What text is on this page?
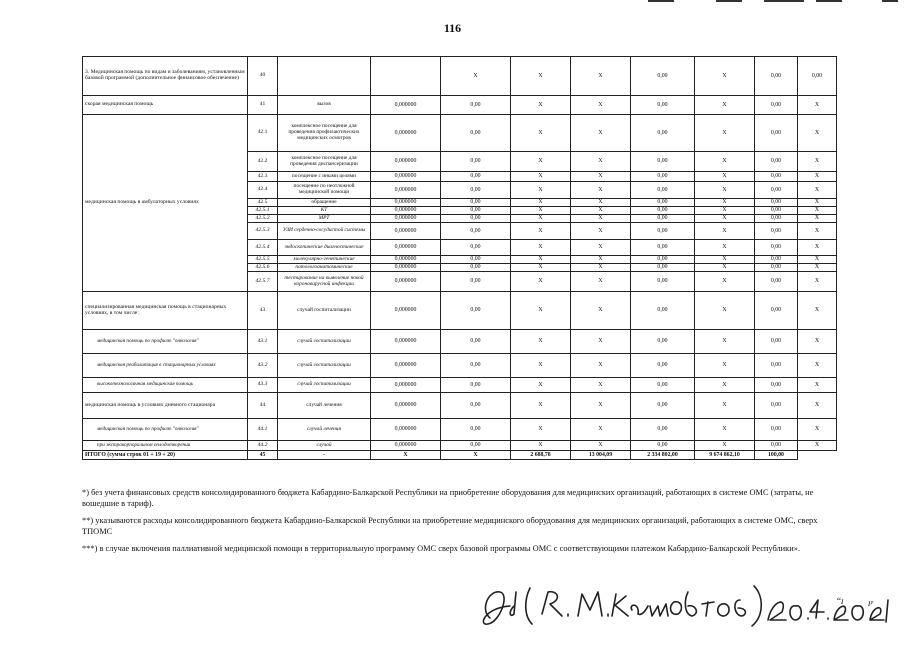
116
3. Медицинская помощь по видам и заболеваниям, установленным базовой программой (дополнительное финансовое обеспечение)	40			X	X	X	0,00	X	0,00	0,00
скорая медицинская помощь	41	вызов	0,000000	0,00	X	X	0,00	X	0,00	X
медицинская помощь в амбулаторных условиях	42.1	комплексное посещение для проведения профилактических медицинских осмотров	0,000000	0,00	X	X	0,00	X	0,00	X
	42.2	комплексное посещение для проведения диспансеризации	0,000000	0,00	X	X	0,00	X	0,00	X
	42.3	посещение с иными целями	0,000000	0,00	X	X	0,00	X	0,00	X
	42.4	посещение по неотложной медицинской помощи	0,000000	0,00	X	X	0,00	X	0,00	X
	42.5	обращение	0,000000	0,00	X	X	0,00	X	0,00	X
	42.5.1	КТ	0,000000	0,00	X	X	0,00	X	0,00	X
	42.5.2	МРТ	0,000000	0,00	X	X	0,00	X	0,00	X
	42.5.3	УЗИ сердечно-сосудистой системы	0,000000	0,00	X	X	0,00	X	0,00	X
	42.5.4	эндоскопические диагностические	0,000000	0,00	X	X	0,00	X	0,00	X
	42.5.5	молекулярно-генетические	0,000000	0,00	X	X	0,00	X	0,00	X
	42.5.6	патологоанатомические	0,000000	0,00	X	X	0,00	X	0,00	X
	42.5.7	тестирование на выявление новой коронавирусной инфекции	0,000000	0,00	X	X	0,00	X	0,00	X
специализированная медицинская помощь в стационарных условиях, в том числе:	43	случай госпитализации	0,000000	0,00	X	X	0,00	X	0,00	X
медицинская помощь по профилю "онкология"	43.1	случай госпитализации	0,000000	0,00	X	X	0,00	X	0,00	X
медицинская реабилитация в стационарных условиях	43.2	случай госпитализации	0,000000	0,00	X	X	0,00	X	0,00	X
высокотехнологичная медицинская помощь	43.3	случай госпитализации	0,000000	0,00	X	X	0,00	X	0,00	X
медицинская помощь в условиях дневного стационара	44	случай лечения	0,000000	0,00	X	X	0,00	X	0,00	X
медицинская помощь по профилю "онкология"	44.1	случай лечения	0,000000	0,00	X	X	0,00	X	0,00	X
при экстракорпоральном оплодотворении	44.2	случай	0,000000	0,00	X	X	0,00	X	0,00	X
ИТОГО (сумма строк 01 + 19 + 20)	45	-	X	X	2 688,78	13 004,09	2 334 802,00	9 674 862,10	100,00	
*) без учета финансовых средств консолидированного бюджета Кабардино-Балкарской Республики на приобретение оборудования для медицинских организаций, работающих в системе ОМС (затраты, не вошедшие в тариф).
**) указываются расходы консолидированного бюджета Кабардино-Балкарской Республики на приобретение медицинского оборудования для медицинских организаций, работающих в системе ОМС, сверх ТПОМС
***) в случае включения паллиативной медицинской помощи в территориальную программу ОМС сверх базовой программы ОМС с соответствующими платежом Кабардино-Балкарской Республики».
‘‘ɪ	ɪᵖ
